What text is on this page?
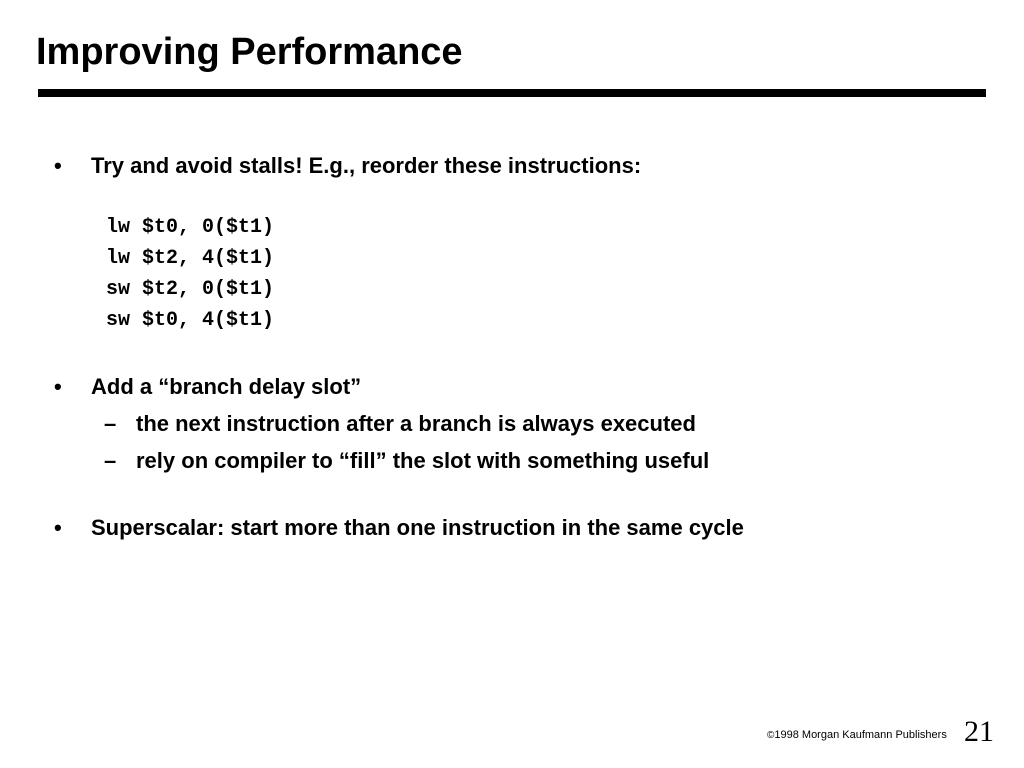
Improving Performance
• Try and avoid stalls! E.g., reorder these instructions:
lw $t0, 0($t1)
lw $t2, 4($t1)
sw $t2, 0($t1)
sw $t0, 4($t1)
• Add a “branch delay slot”
– the next instruction after a branch is always executed
– rely on compiler to “fill” the slot with something useful
• Superscalar: start more than one instruction in the same cycle
©1998 Morgan Kaufmann Publishers 21
